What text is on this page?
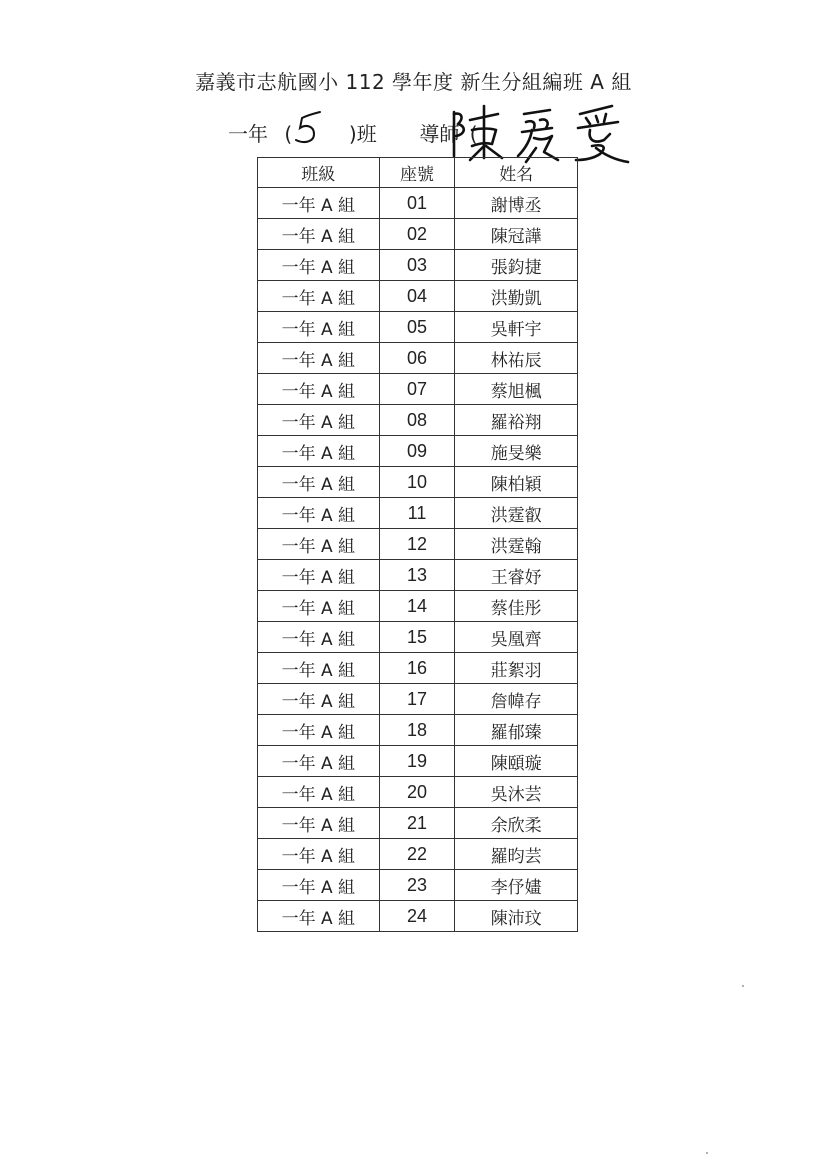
嘉義市志航國小 112 學年度 新生分組編班 A 組
一年 (	)班 導師 (
班級	座號	姓名
一年 A 組	01	謝博丞
一年 A 組	02	陳冠譁
一年 A 組	03	張鈞捷
一年 A 組	04	洪勤凱
一年 A 組	05	吳軒宇
一年 A 組	06	林祐辰
一年 A 組	07	蔡旭楓
一年 A 組	08	羅裕翔
一年 A 組	09	施旻樂
一年 A 組	10	陳柏穎
一年 A 組	11	洪霆叡
一年 A 組	12	洪霆翰
一年 A 組	13	王睿妤
一年 A 組	14	蔡佳彤
一年 A 組	15	吳凰齊
一年 A 組	16	莊絮羽
一年 A 組	17	詹幃存
一年 A 組	18	羅郁臻
一年 A 組	19	陳頤璇
一年 A 組	20	吳沐芸
一年 A 組	21	余欣柔
一年 A 組	22	羅昀芸
一年 A 組	23	李伃嫿
一年 A 組	24	陳沛玟
